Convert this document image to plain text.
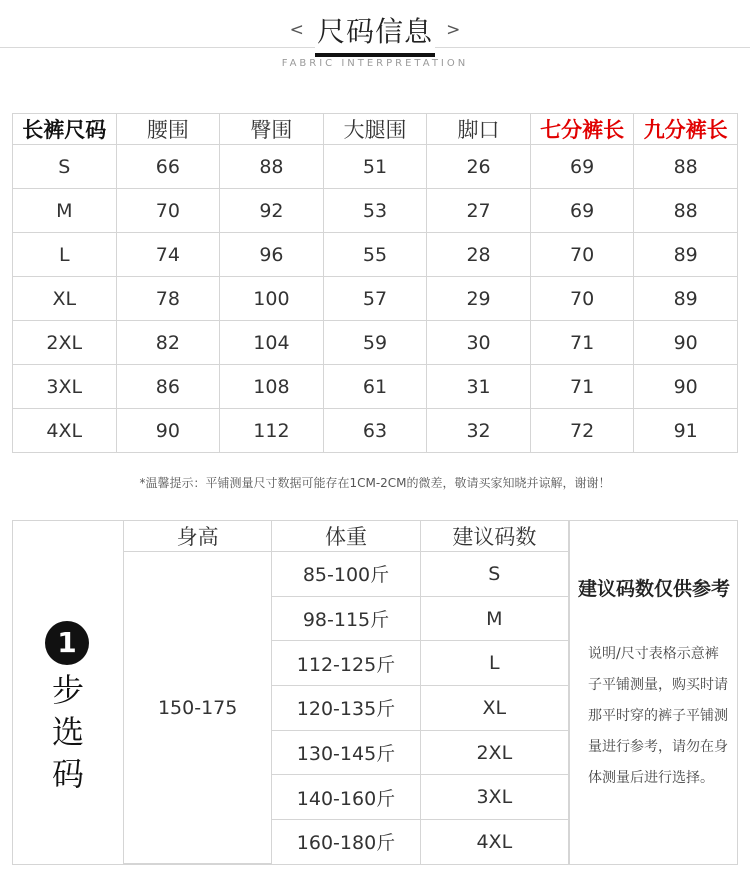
< 尺码信息 >
FABRIC INTERPRETATION
长裤尺码	腰围	臀围	大腿围	脚口	七分裤长	九分裤长
S	66	88	51	26	69	88
M	70	92	53	27	69	88
L	74	96	55	28	70	89
XL	78	100	57	29	70	89
2XL	82	104	59	30	71	90
3XL	86	108	61	31	71	90
4XL	90	112	63	32	72	91
*温馨提示：平铺测量尺寸数据可能存在1CM-2CM的微差，敬请买家知晓并谅解，谢谢！
1
步选码
身高	体重	建议码数
150-175	85-100斤	S
	98-115斤	M
	112-125斤	L
	120-135斤	XL
	130-145斤	2XL
	140-160斤	3XL
	160-180斤	4XL
建议码数仅供参考
说明/尺寸表格示意裤子平铺测量，购买时请那平时穿的裤子平铺测量进行参考，请勿在身体测量后进行选择。
